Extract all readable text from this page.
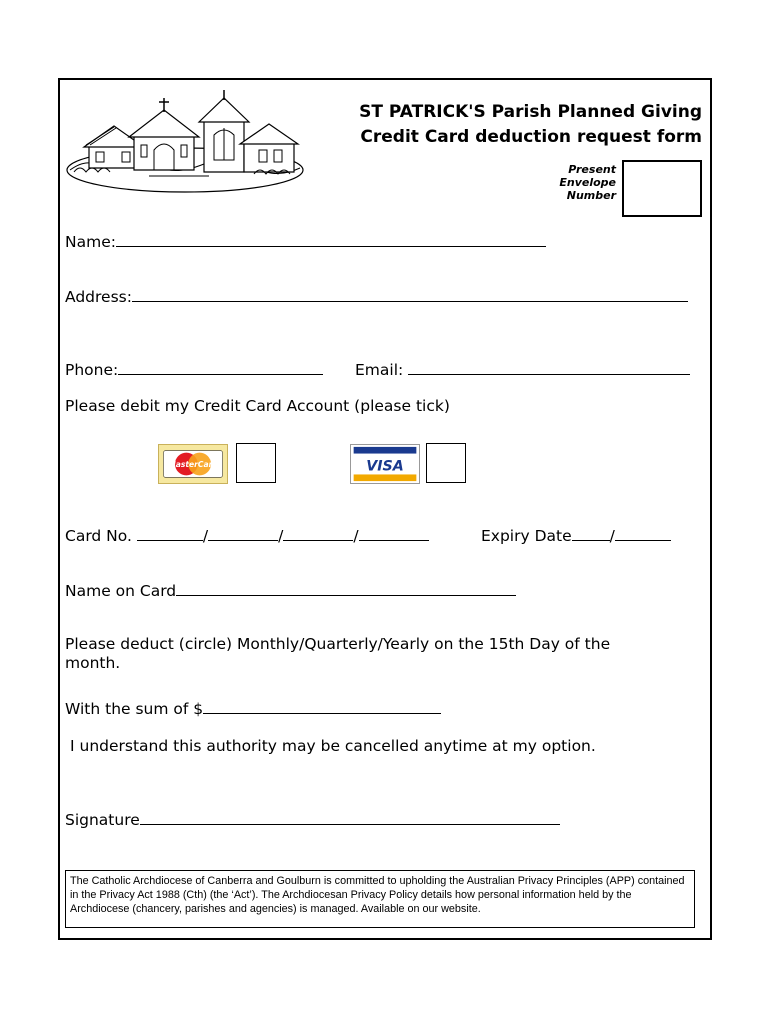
ST PATRICK'S Parish Planned Giving
Credit Card deduction request form
Present
Envelope
Number
Name:
Address:
Phone:	Email:
Please debit my Credit Card Account (please tick)
MasterCard	VISA
Card No.	/	/	/	Expiry Date /
Name on Card
Please deduct (circle) Monthly/Quarterly/Yearly on the 15th Day of the
month.
With the sum of $
I understand this authority may be cancelled anytime at my option.
Signature
The Catholic Archdiocese of Canberra and Goulburn is committed to upholding the Australian Privacy Principles (APP) contained in the Privacy Act 1988 (Cth) (the ‘Act’). The Archdiocesan Privacy Policy details how personal information held by the Archdiocese (chancery, parishes and agencies) is managed. Available on our website.
